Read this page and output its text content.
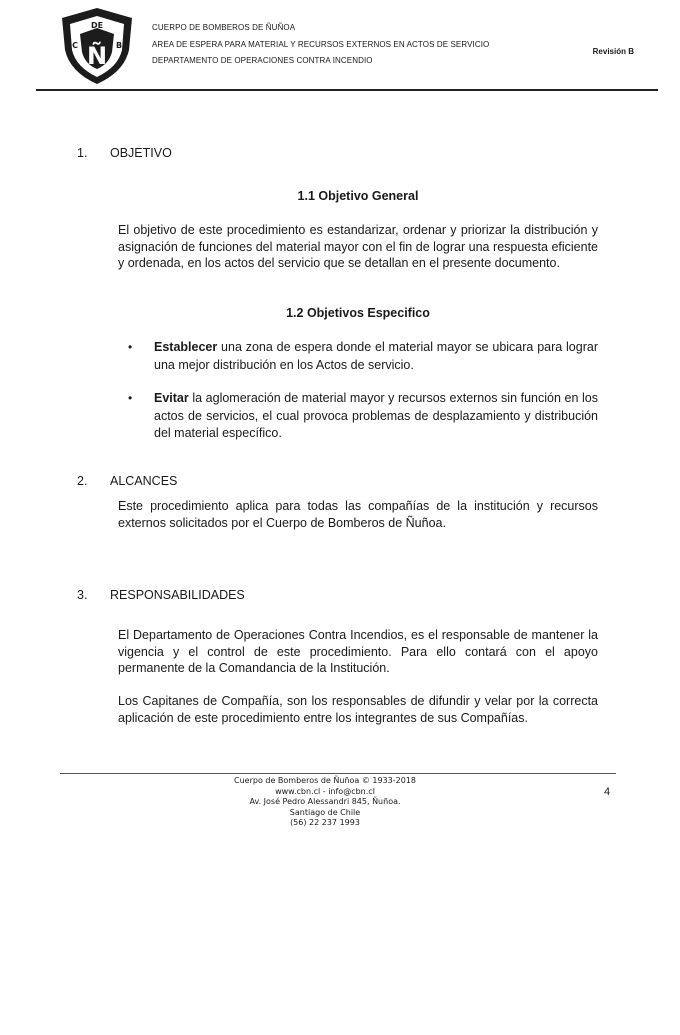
DE
C	B
Ñ
CUERPO DE BOMBEROS DE ÑUÑOA
AREA DE ESPERA PARA MATERIAL Y RECURSOS EXTERNOS EN ACTOS DE SERVICIO
DEPARTAMENTO DE OPERACIONES CONTRA INCENDIO
Revisión B
1. OBJETIVO
1.1 Objetivo General

El objetivo de este procedimiento es estandarizar, ordenar y priorizar la distribución y asignación de funciones del material mayor con el fin de lograr una respuesta eficiente y ordenada, en los actos del servicio que se detallan en el presente documento.

1.2 Objetivos Especifico
• Establecer una zona de espera donde el material mayor se ubicara para lograr una mejor distribución en los Actos de servicio.

• Evitar la aglomeración de material mayor y recursos externos sin función en los actos de servicios, el cual provoca problemas de desplazamiento y distribución del material específico.

2. ALCANCES

Este procedimiento aplica para todas las compañías de la institución y recursos externos solicitados por el Cuerpo de Bomberos de Ñuñoa.

3. RESPONSABILIDADES

El Departamento de Operaciones Contra Incendios, es el responsable de mantener la vigencia y el control de este procedimiento. Para ello contará con el apoyo permanente de la Comandancia de la Institución.

Los Capitanes de Compañía, son los responsables de difundir y velar por la correcta aplicación de este procedimiento entre los integrantes de sus Compañías.

Cuerpo de Bomberos de Ñuñoa © 1933-2018
www.cbn.cl - info@cbn.cl
Av. José Pedro Alessandri 845, Ñuñoa.
Santiago de Chile
(56) 22 237 1993
4
